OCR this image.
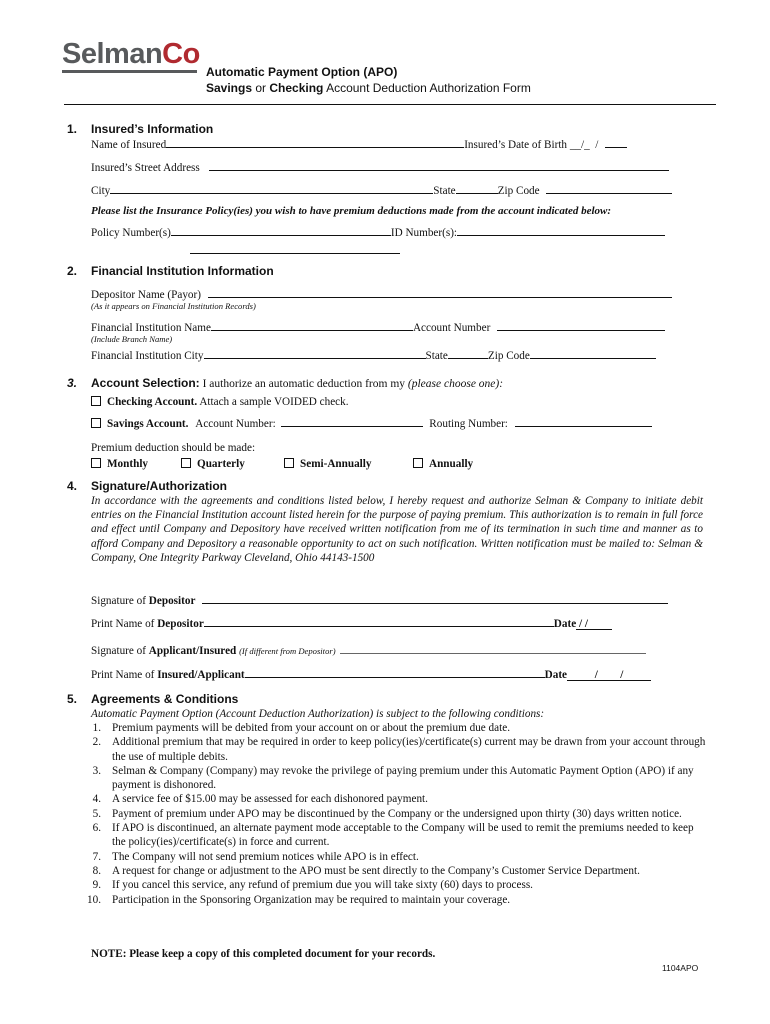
SelmanCo
Automatic Payment Option (APO)
Savings or Checking Account Deduction Authorization Form
1. Insured’s Information
Name of Insured	Insured’s Date of Birth __/_  /
Insured’s Street Address
City	State	Zip Code
Please list the Insurance Policy(ies) you wish to have premium deductions made from the account indicated below:
Policy Number(s)	ID Number(s):
2. Financial Institution Information
Depositor Name (Payor)
(As it appears on Financial Institution Records)
Financial Institution Name	Account Number
(Include Branch Name)
Financial Institution City	State	Zip Code
3. Account Selection: I authorize an automatic deduction from my (please choose one):
Checking Account. Attach a sample VOIDED check.
Savings Account. Account Number:	Routing Number:
Premium deduction should be made:
Monthly	Quarterly	Semi-Annually	Annually
4. Signature/Authorization
In accordance with the agreements and conditions listed below, I hereby request and authorize Selman & Company to initiate debit entries on the Financial Institution account listed herein for the purpose of paying premium. This authorization is to remain in full force and effect until Company and Depository have received written notification from me of its termination in such time and manner as to afford Company and Depository a reasonable opportunity to act on such notification. Written notification must be mailed to: Selman & Company, One Integrity Parkway Cleveland, Ohio 44143-1500
Signature of Depositor
Print Name of Depositor	Date / /
Signature of Applicant/Insured (If different from Depositor)
Print Name of Insured/Applicant	Date /        /
5. Agreements & Conditions
Automatic Payment Option (Account Deduction Authorization) is subject to the following conditions:
1. Premium payments will be debited from your account on or about the premium due date.
2. Additional premium that may be required in order to keep policy(ies)/certificate(s) current may be drawn from your account through the use of multiple debits.
3. Selman & Company (Company) may revoke the privilege of paying premium under this Automatic Payment Option (APO) if any payment is dishonored.
4. A service fee of $15.00 may be assessed for each dishonored payment.
5. Payment of premium under APO may be discontinued by the Company or the undersigned upon thirty (30) days written notice.
6. If APO is discontinued, an alternate payment mode acceptable to the Company will be used to remit the premiums needed to keep the policy(ies)/certificate(s) in force and current.
7. The Company will not send premium notices while APO is in effect.
8. A request for change or adjustment to the APO must be sent directly to the Company’s Customer Service Department.
9. If you cancel this service, any refund of premium due you will take sixty (60) days to process.
10. Participation in the Sponsoring Organization may be required to maintain your coverage.
NOTE: Please keep a copy of this completed document for your records.
1104APO
